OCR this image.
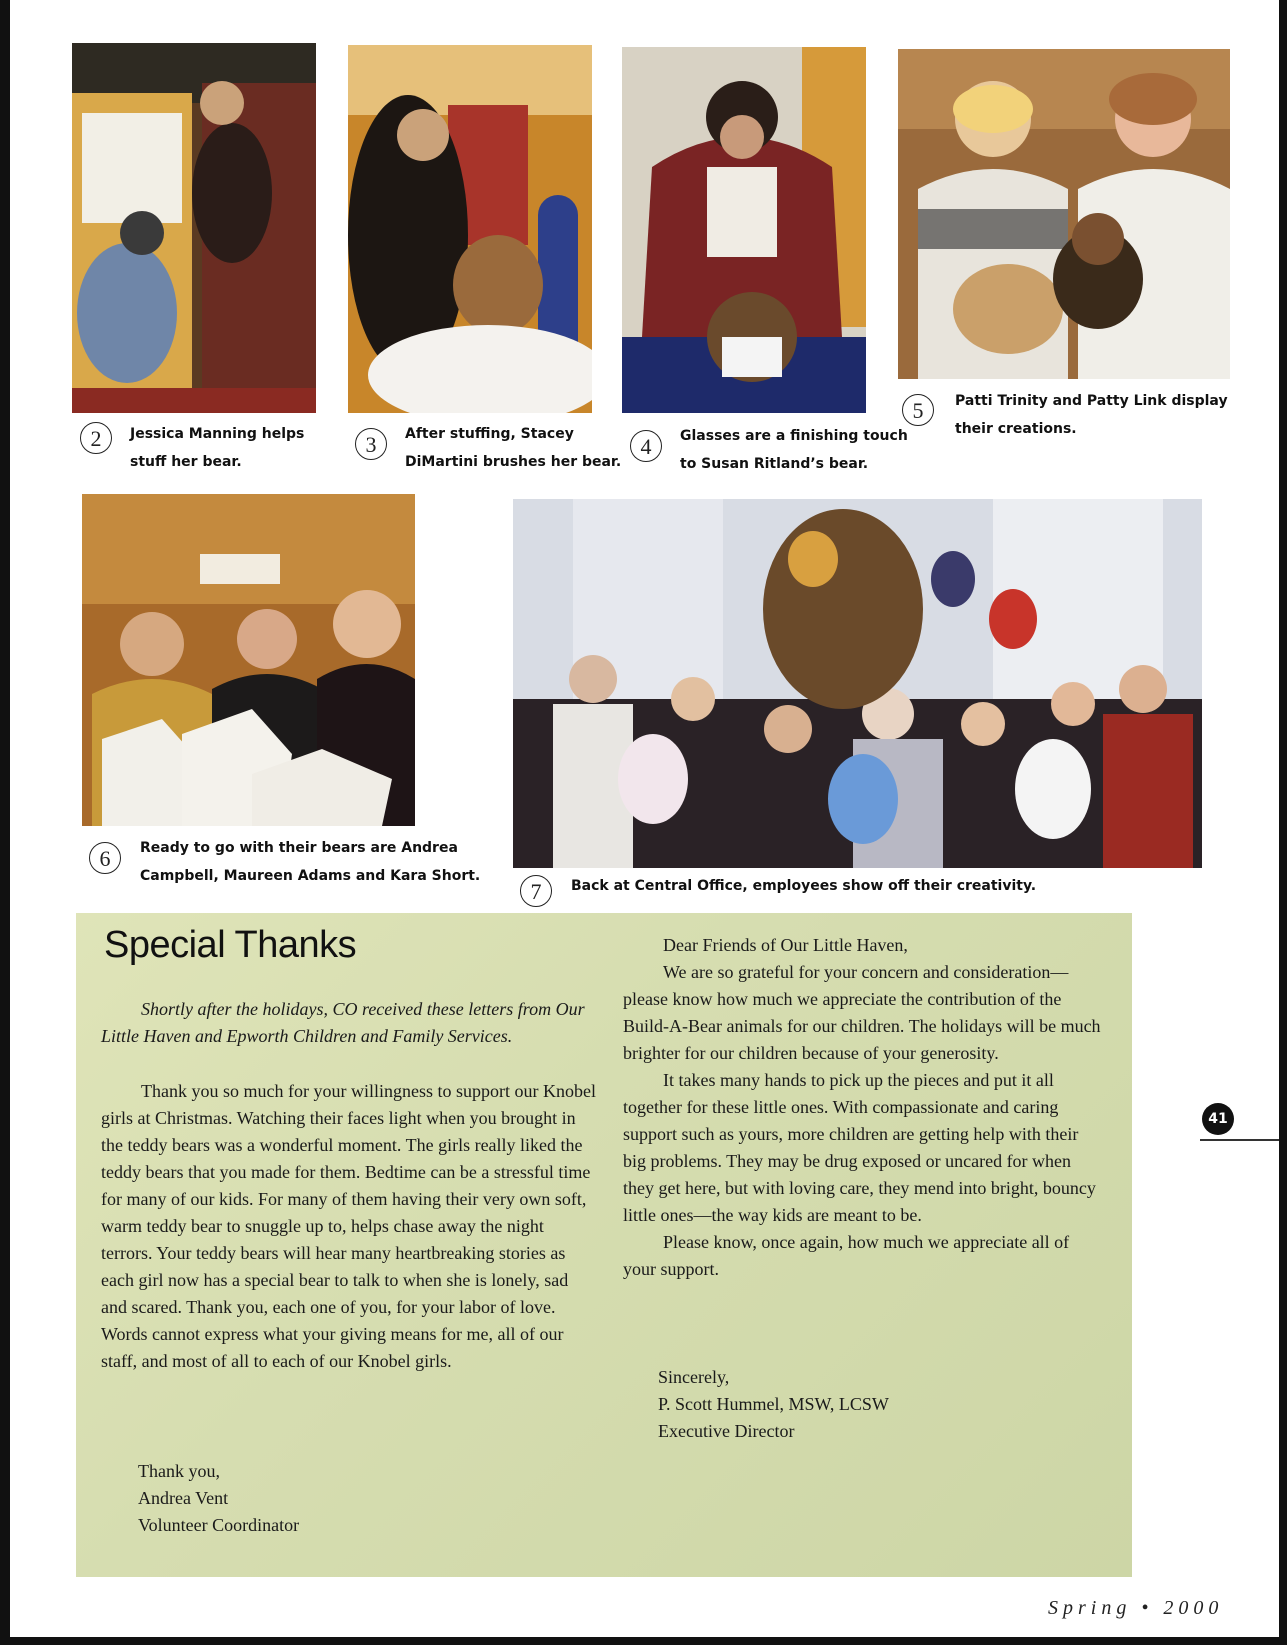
2	Jessica Manning helps
stuff her bear.
3	After stuffing, Stacey
DiMartini brushes her bear.
4	Glasses are a finishing touch
to Susan Ritland’s bear.
5	Patti Trinity and Patty Link display
their creations.
6	Ready to go with their bears are Andrea
Campbell, Maureen Adams and Kara Short.
7	Back at Central Office, employees show off their creativity.
Special Thanks

Shortly after the holidays, CO received these letters from Our Little Haven and Epworth Children and Family Services.

Thank you so much for your willingness to support our Knobel girls at Christmas. Watching their faces light when you brought in the teddy bears was a wonderful moment. The girls really liked the teddy bears that you made for them. Bedtime can be a stressful time for many of our kids. For many of them having their very own soft, warm teddy bear to snuggle up to, helps chase away the night terrors. Your teddy bears will hear many heartbreaking stories as each girl now has a special bear to talk to when she is lonely, sad and scared. Thank you, each one of you, for your labor of love. Words cannot express what your giving means for me, all of our staff, and most of all to each of our Knobel girls.

Thank you,
Andrea Vent
Volunteer Coordinator

Dear Friends of Our Little Haven,

We are so grateful for your concern and consideration—please know how much we appreciate the contribution of the Build-A-Bear animals for our children. The holidays will be much brighter for our children because of your generosity.

It takes many hands to pick up the pieces and put it all together for these little ones. With compassionate and caring support such as yours, more children are getting help with their big problems. They may be drug exposed or uncared for when they get here, but with loving care, they mend into bright, bouncy little ones—the way kids are meant to be.

Please know, once again, how much we appreciate all of your support.

Sincerely,
P. Scott Hummel, MSW, LCSW
Executive Director
41
Spring • 2000
